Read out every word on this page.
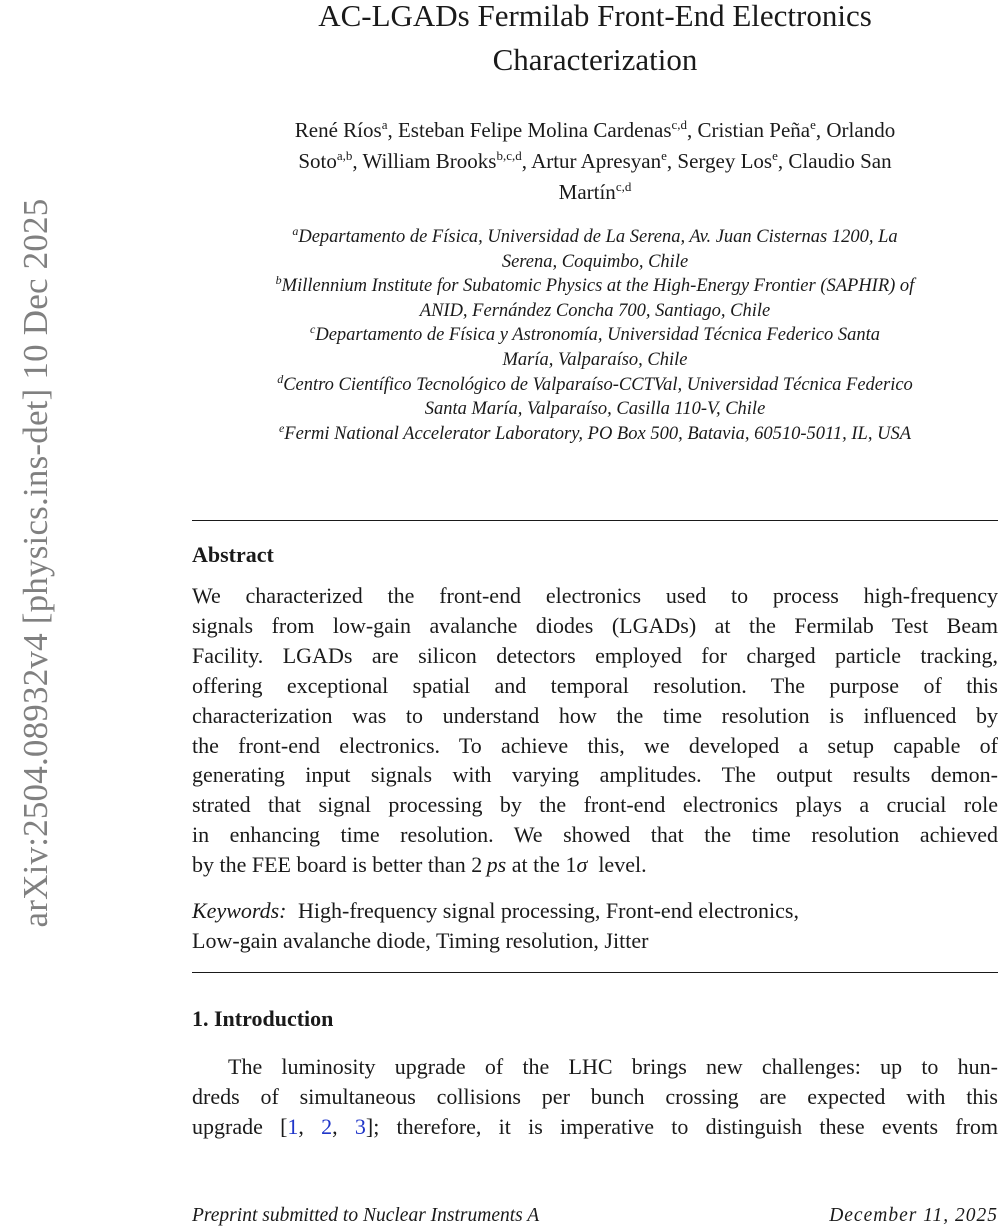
arXiv:2504.08932v4 [physics.ins-det] 10 Dec 2025
AC-LGADs Fermilab Front-End Electronics
Characterization
René Ríos$^a$, Esteban Felipe Molina Cardenas$^{c,d}$, Cristian Peña$^e$, Orlando
Soto$^{a,b}$, William Brooks$^{b,c,d}$, Artur Apresyan$^e$, Sergey Los$^e$, Claudio San
Martín$^{c,d}$
$^a$Departamento de Física, Universidad de La Serena, Av. Juan Cisternas 1200, La
Serena, Coquimbo, Chile
$^b$Millennium Institute for Subatomic Physics at the High-Energy Frontier (SAPHIR) of
ANID, Fernández Concha 700, Santiago, Chile
$^c$Departamento de Física y Astronomía, Universidad Técnica Federico Santa
María, Valparaíso, Chile
$^d$Centro Científico Tecnológico de Valparaíso-CCTVal, Universidad Técnica Federico
Santa María, Valparaíso, Casilla 110-V, Chile
$^e$Fermi National Accelerator Laboratory, PO Box 500, Batavia, 60510-5011, IL, USA
Abstract
We characterized the front-end electronics used to process high-frequency
signals from low-gain avalanche diodes (LGADs) at the Fermilab Test Beam
Facility. LGADs are silicon detectors employed for charged particle tracking,
offering exceptional spatial and temporal resolution. The purpose of this
characterization was to understand how the time resolution is influenced by
the front-end electronics. To achieve this, we developed a setup capable of
generating input signals with varying amplitudes. The output results demon-
strated that signal processing by the front-end electronics plays a crucial role
in enhancing time resolution. We showed that the time resolution achieved
by the FEE board is better than 2  ps at the 1σ  level.
Keywords: High-frequency signal processing, Front-end electronics,
Low-gain avalanche diode, Timing resolution, Jitter
1. Introduction
The luminosity upgrade of the LHC brings new challenges: up to hun-
dreds of simultaneous collisions per bunch crossing are expected with this
upgrade [1, 2, 3]; therefore, it is imperative to distinguish these events from
Preprint submitted to Nuclear Instruments A	December 11, 2025
